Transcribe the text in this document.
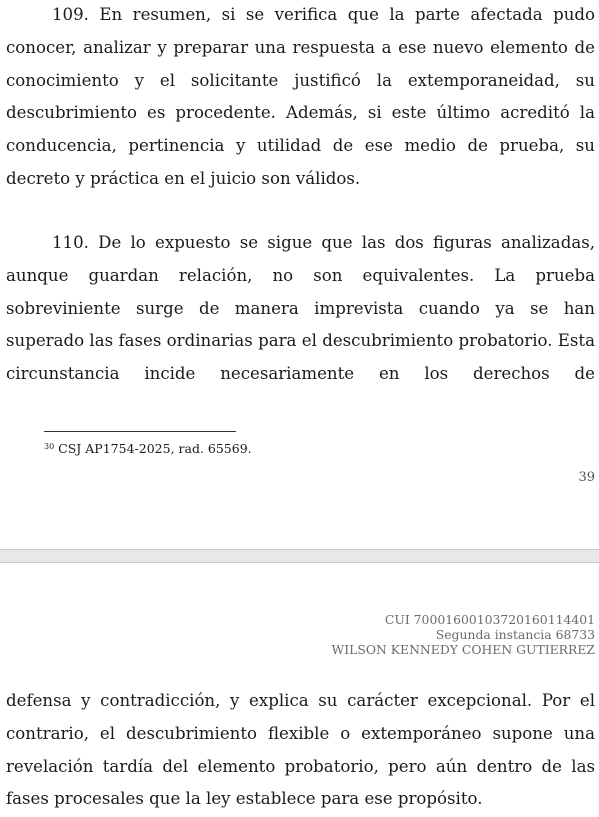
109. En resumen, si se verifica que la parte afectada pudo conocer, analizar y preparar una respuesta a ese nuevo elemento de conocimiento y el solicitante justificó la extemporaneidad, su descubrimiento es procedente. Además, si este último acreditó la conducencia, pertinencia y utilidad de ese medio de prueba, su decreto y práctica en el juicio son válidos.

110. De lo expuesto se sigue que las dos figuras analizadas, aunque guardan relación, no son equivalentes. La prueba sobreviniente surge de manera imprevista cuando ya se han superado las fases ordinarias para el descubrimiento probatorio. Esta circunstancia incide necesariamente en los derechos de

$^{30}$ CSJ AP1754-2025, rad. 65569.
39
CUI 70001600103720160114401
Segunda instancia 68733
WILSON KENNEDY COHEN GUTIERREZ

defensa y contradicción, y explica su carácter excepcional. Por el contrario, el descubrimiento flexible o extemporáneo supone una revelación tardía del elemento probatorio, pero aún dentro de las fases procesales que la ley establece para ese propósito.
